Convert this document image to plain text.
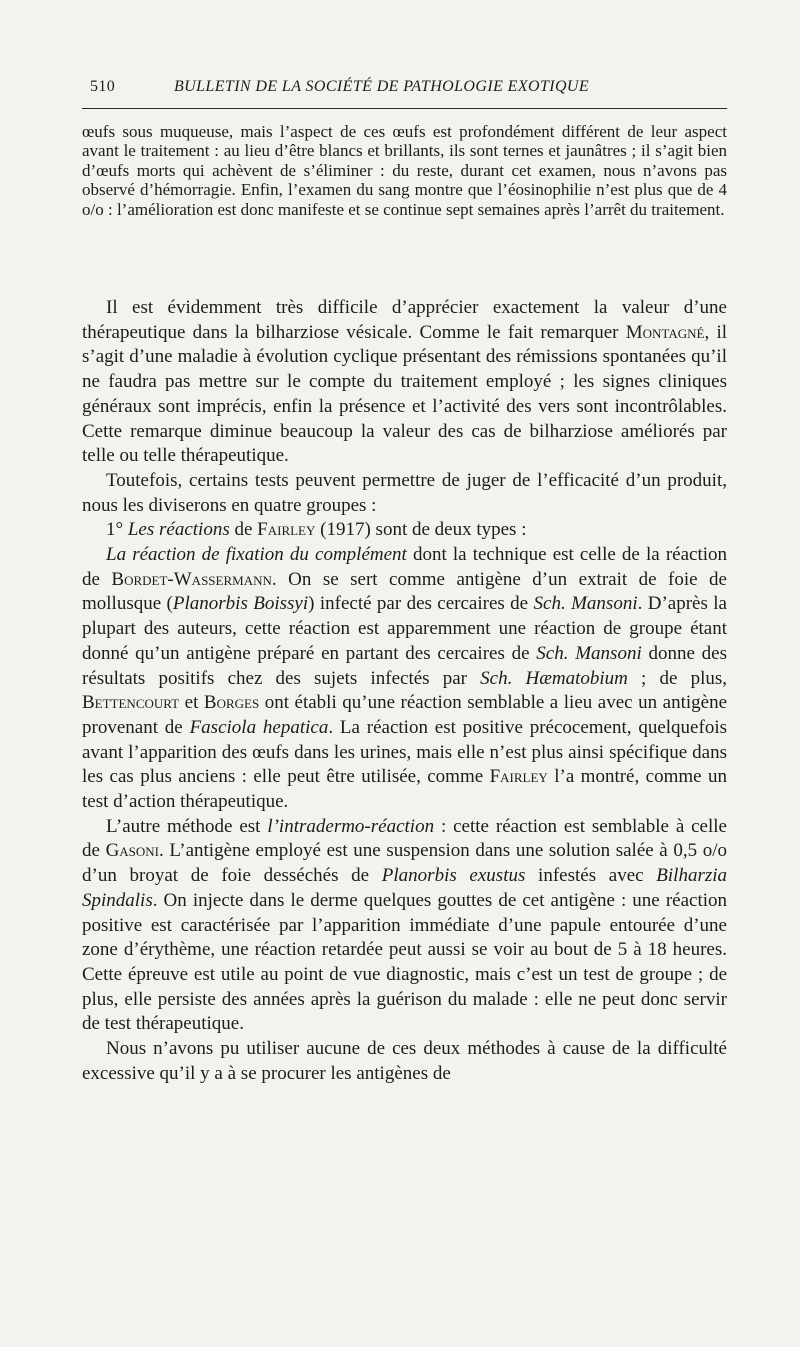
510	BULLETIN DE LA SOCIÉTÉ DE PATHOLOGIE EXOTIQUE

œufs sous muqueuse, mais l’aspect de ces œufs est profondément différent de leur aspect avant le traitement : au lieu d’être blancs et brillants, ils sont ternes et jaunâtres ; il s’agit bien d’œufs morts qui achèvent de s’éliminer : du reste, durant cet examen, nous n’avons pas observé d’hémorragie. Enfin, l’examen du sang montre que l’éosinophilie n’est plus que de 4 o/o : l’amélioration est donc manifeste et se continue sept semaines après l’arrêt du traitement.

Il est évidemment très difficile d’apprécier exactement la valeur d’une thérapeutique dans la bilharziose vésicale. Comme le fait remarquer Montagné, il s’agit d’une maladie à évolution cyclique présentant des rémissions spontanées qu’il ne faudra pas mettre sur le compte du traitement employé ; les signes cliniques généraux sont imprécis, enfin la présence et l’activité des vers sont incontrôlables. Cette remarque diminue beaucoup la valeur des cas de bilharziose améliorés par telle ou telle thérapeutique.

Toutefois, certains tests peuvent permettre de juger de l’efficacité d’un produit, nous les diviserons en quatre groupes :

1° Les réactions de Fairley (1917) sont de deux types :

La réaction de fixation du complément dont la technique est celle de la réaction de Bordet-Wassermann. On se sert comme antigène d’un extrait de foie de mollusque (Planorbis Boissyi) infecté par des cercaires de Sch. Mansoni. D’après la plupart des auteurs, cette réaction est apparemment une réaction de groupe étant donné qu’un antigène préparé en partant des cercaires de Sch. Mansoni donne des résultats positifs chez des sujets infectés par Sch. Hæmatobium ; de plus, Bettencourt et Borges ont établi qu’une réaction semblable a lieu avec un antigène provenant de Fasciola hepatica. La réaction est positive précocement, quelquefois avant l’apparition des œufs dans les urines, mais elle n’est plus ainsi spécifique dans les cas plus anciens : elle peut être utilisée, comme Fairley l’a montré, comme un test d’action thérapeutique.

L’autre méthode est l’intradermo-réaction : cette réaction est semblable à celle de Gasoni. L’antigène employé est une suspension dans une solution salée à 0,5 o/o d’un broyat de foie desséchés de Planorbis exustus infestés avec Bilharzia Spindalis. On injecte dans le derme quelques gouttes de cet antigène : une réaction positive est caractérisée par l’apparition immédiate d’une papule entourée d’une zone d’érythème, une réaction retardée peut aussi se voir au bout de 5 à 18 heures. Cette épreuve est utile au point de vue diagnostic, mais c’est un test de groupe ; de plus, elle persiste des années après la guérison du malade : elle ne peut donc servir de test thérapeutique.

Nous n’avons pu utiliser aucune de ces deux méthodes à cause de la difficulté excessive qu’il y a à se procurer les antigènes de
